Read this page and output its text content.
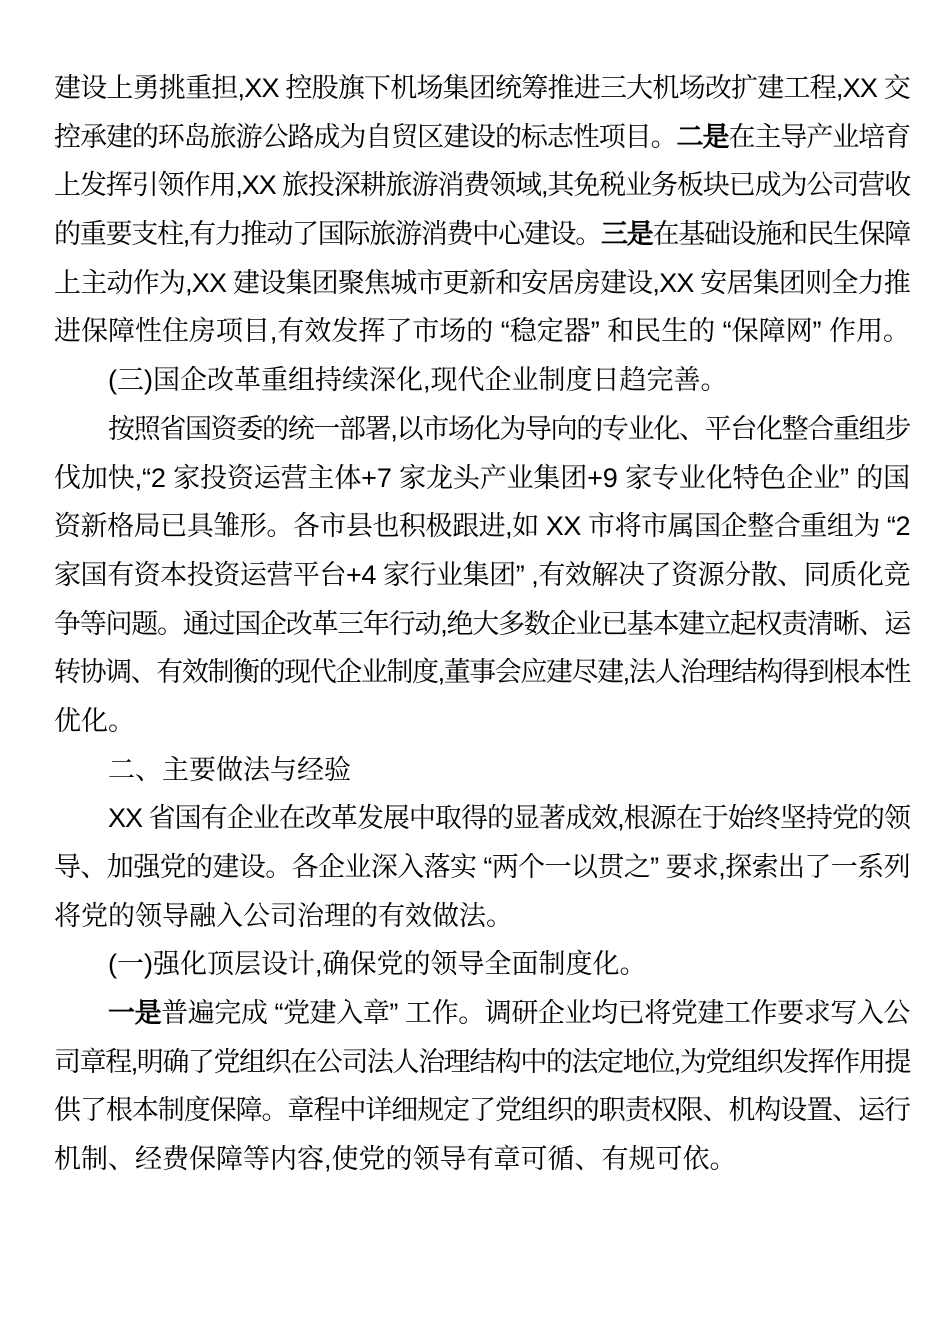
建设上勇挑重担,XX 控股旗下机场集团统筹推进三大机场改扩建工程,XX 交
控承建的环岛旅游公路成为自贸区建设的标志性项目。二是在主导产业培育
上发挥引领作用,XX 旅投深耕旅游消费领域,其免税业务板块已成为公司营收
的重要支柱,有力推动了国际旅游消费中心建设。三是在基础设施和民生保障
上主动作为,XX 建设集团聚焦城市更新和安居房建设,XX 安居集团则全力推
进保障性住房项目,有效发挥了市场的 “稳定器” 和民生的 “保障网” 作用。
(三)国企改革重组持续深化,现代企业制度日趋完善。
按照省国资委的统一部署,以市场化为导向的专业化、平台化整合重组步
伐加快,“2 家投资运营主体+7 家龙头产业集团+9 家专业化特色企业” 的国
资新格局已具雏形。各市县也积极跟进,如 XX 市将市属国企整合重组为 “2
家国有资本投资运营平台+4 家行业集团” ,有效解决了资源分散、同质化竞
争等问题。通过国企改革三年行动,绝大多数企业已基本建立起权责清晰、运
转协调、有效制衡的现代企业制度,董事会应建尽建,法人治理结构得到根本性
优化。
二、主要做法与经验
XX 省国有企业在改革发展中取得的显著成效,根源在于始终坚持党的领
导、加强党的建设。各企业深入落实 “两个一以贯之” 要求,探索出了一系列
将党的领导融入公司治理的有效做法。
(一)强化顶层设计,确保党的领导全面制度化。
一是普遍完成 “党建入章” 工作。调研企业均已将党建工作要求写入公
司章程,明确了党组织在公司法人治理结构中的法定地位,为党组织发挥作用提
供了根本制度保障。章程中详细规定了党组织的职责权限、机构设置、运行
机制、经费保障等内容,使党的领导有章可循、有规可依。
